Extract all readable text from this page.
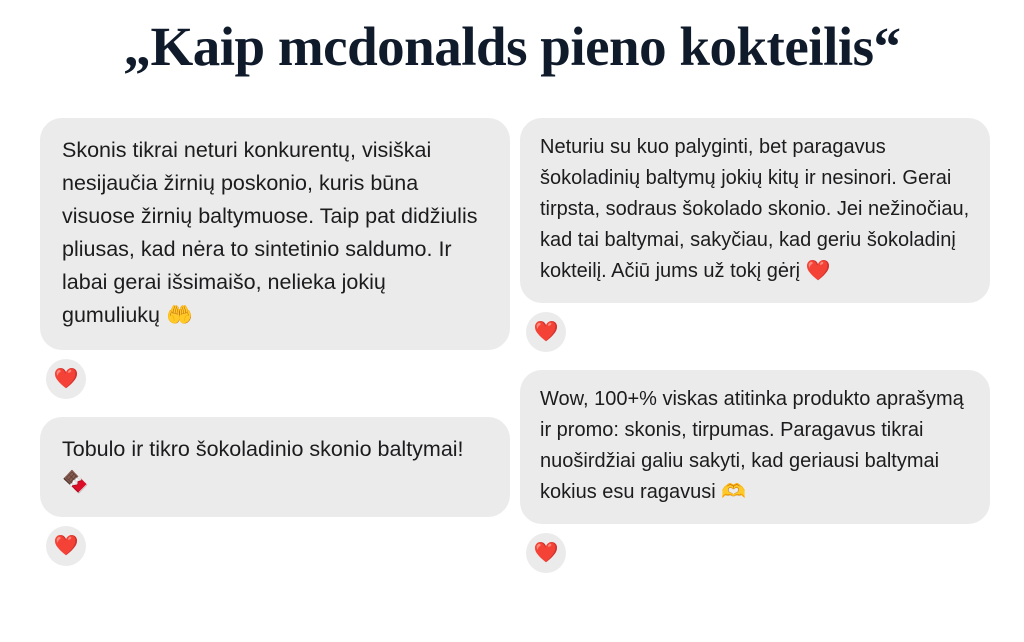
„Kaip mcdonalds pieno kokteilis“
Skonis tikrai neturi konkurentų, visiškai nesijaučia žirnių poskonio, kuris būna visuose žirnių baltymuose. Taip pat didžiulis pliusas, kad nėra to sintetinio saldumo. Ir labai gerai išsimaišo, nelieka jokių gumuliukų 🤲
❤️
Tobulo ir tikro šokoladinio skonio baltymai! 🍫
❤️
Neturiu su kuo palyginti, bet paragavus šokoladinių baltymų jokių kitų ir nesinori. Gerai tirpsta, sodraus šokolado skonio. Jei nežinočiau, kad tai baltymai, sakyčiau, kad geriu šokoladinį kokteilį. Ačiū jums už tokį gėrį ❤️
❤️
Wow, 100+% viskas atitinka produkto aprašymą ir promo: skonis, tirpumas. Paragavus tikrai nuoširdžiai galiu sakyti, kad geriausi baltymai kokius esu ragavusi 🫶
❤️
